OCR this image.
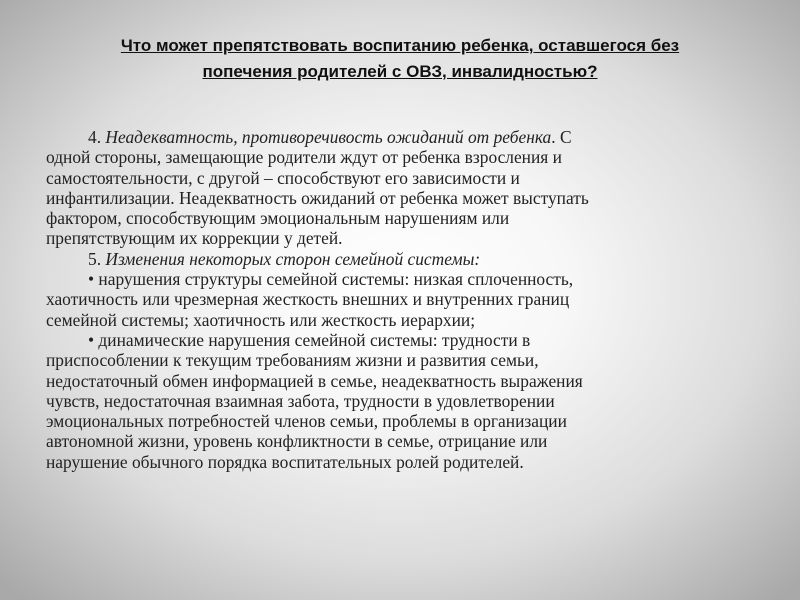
Что может препятствовать воспитанию ребенка, оставшегося без
попечения родителей с ОВЗ, инвалидностью?
4. Неадекватность, противоречивость ожиданий от ребенка. С
одной стороны, замещающие родители ждут от ребенка взросления и
самостоятельности, с другой – способствуют его зависимости и
инфантилизации. Неадекватность ожиданий от ребенка может выступать
фактором, способствующим эмоциональным нарушениям или
препятствующим их коррекции у детей.
5. Изменения некоторых сторон семейной системы:
• нарушения структуры семейной системы: низкая сплоченность,
хаотичность или чрезмерная жесткость внешних и внутренних границ
семейной системы; хаотичность или жесткость иерархии;
• динамические нарушения семейной системы: трудности в
приспособлении к текущим требованиям жизни и развития семьи,
недостаточный обмен информацией в семье, неадекватность выражения
чувств, недостаточная взаимная забота, трудности в удовлетворении
эмоциональных потребностей членов семьи, проблемы в организации
автономной жизни, уровень конфликтности в семье, отрицание или
нарушение обычного порядка воспитательных ролей родителей.
